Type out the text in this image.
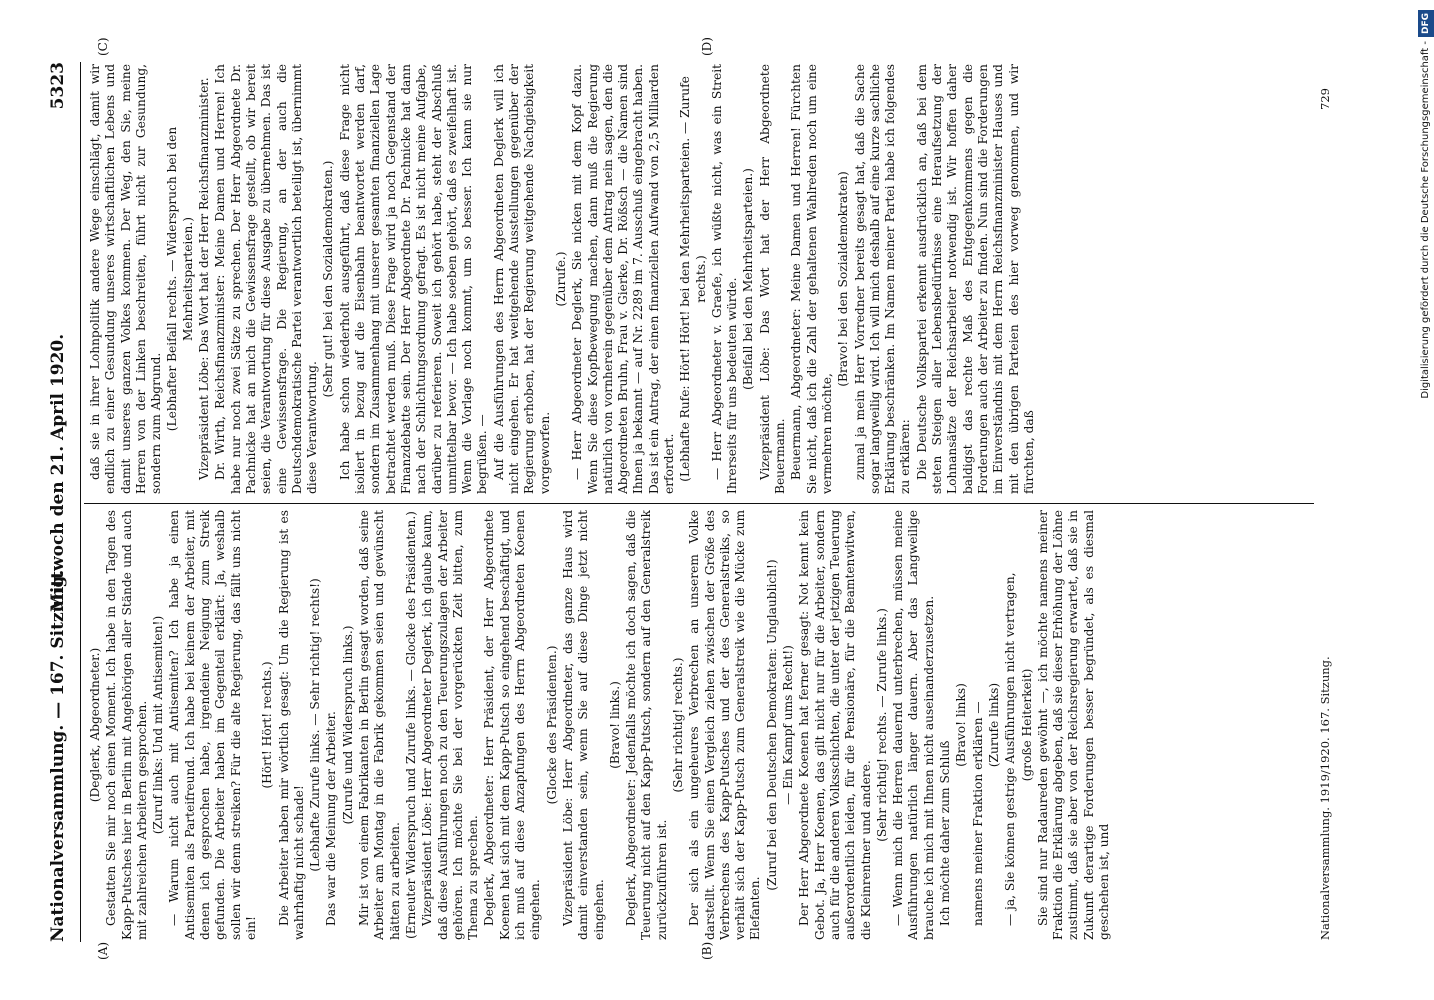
Nationalversammlung. — 167. Sitzung.
Mittwoch den 21. April 1920.
5323
(A)	(B)
(C)	(D)

(Deglerk, Abgeordneter.) Gestatten Sie mir noch einen Moment. Ich habe in den Tagen des Kapp-Putsches hier in Berlin mit Angehörigen aller Stände und auch mit zahlreichen Arbeitern gesprochen. (Zuruf links: Und mit Antisemiten!) — Warum nicht auch mit Antisemiten? Ich habe ja einen Antisemiten als Parteifreund. Ich habe bei keinem der Arbeiter, mit denen ich gesprochen habe, irgendeine Neigung zum Streik gefunden. Die Arbeiter haben im Gegenteil erklärt: Ja, weshalb sollen wir denn streiken? Für die alte Regierung, das fällt uns nicht ein!

(Hört! Hört! rechts.) Die Arbeiter haben mir wörtlich gesagt: Um die Regierung ist es wahrhaftig nicht schade! (Lebhafte Zurufe links. — Sehr richtig! rechts!) Das war die Meinung der Arbeiter. (Zurufe und Widerspruch links.) Mir ist von einem Fabrikanten in Berlin gesagt worden, daß seine Arbeiter am Montag in die Fabrik gekommen seien und gewünscht hätten zu arbeiten. (Erneuter Widerspruch und Zurufe links. — Glocke des Präsidenten.) Vizepräsident Löbe: Herr Abgeordneter Deglerk, ich glaube kaum, daß diese Ausführungen noch zu den Teuerungszulagen der Arbeiter gehören. Ich möchte Sie bei der vorgerückten Zeit bitten, zum Thema zu sprechen. Deglerk, Abgeordneter: Herr Präsident, der Herr Abgeordnete Koenen hat sich mit dem Kapp-Putsch so eingehend beschäftigt, und ich muß auf diese Anzapfungen des Herrn Abgeordneten Koenen eingehen.

(Glocke des Präsidenten.) Vizepräsident Löbe: Herr Abgeordneter, das ganze Haus wird damit einverstanden sein, wenn Sie auf diese Dinge jetzt nicht eingehen.

(Bravo! links.) Deglerk, Abgeordneter: Jedenfalls möchte ich doch sagen, daß die Teuerung nicht auf den Kapp-Putsch, sondern auf den Generalstreik zurückzuführen ist.

(Sehr richtig! rechts.) Der sich als ein ungeheures Verbrechen an unserem Volke darstellt. Wenn Sie einen Vergleich ziehen zwischen der Größe des Verbrechens des Kapp-Putsches und der des Generalstreiks, so verhält sich der Kapp-Putsch zum Generalstreik wie die Mücke zum Elefanten.

(Zuruf bei den Deutschen Demokraten: Unglaublich!) — Ein Kampf ums Recht!) Der Herr Abgeordnete Koenen hat ferner gesagt: Not kennt kein Gebot. Ja, Herr Koenen, das gilt nicht nur für die Arbeiter, sondern auch für die anderen Volksschichten, die unter der jetzigen Teuerung außerordentlich leiden, für die Pensionäre, für die Beamtenwitwen, die Kleinrentner und andere.

(Sehr richtig! rechts. — Zurufe links.) — Wenn mich die Herren dauernd unterbrechen, müssen meine Ausführungen natürlich länger dauern. Aber das Langweilige brauche ich mich mit Ihnen nicht auseinanderzusetzen. Ich möchte daher zum Schluß

(Bravo! links) namens meiner Fraktion erklären — (Zurufe links) — ja, Sie können gestrige Ausführungen nicht vertragen, (große Heiterkeit) Sie sind nur Radaureden gewöhnt —, ich möchte namens meiner Fraktion die Erklärung abgeben, daß sie dieser Erhöhung der Löhne zustimmt, daß sie aber von der Reichsregierung erwartet, daß sie in Zukunft derartige Forderungen besser begründet, als es diesmal geschehen ist, und

daß sie in ihrer Lohnpolitik andere Wege einschlägt, damit wir endlich zu einer Gesundung unseres wirtschaftlichen Lebens und damit unseres ganzen Volkes kommen. Der Weg, den Sie, meine Herren von der Linken beschreiten, führt nicht zur Gesundung, sondern zum Abgrund. (Lebhafter Beifall rechts. — Widerspruch bei den Mehrheitsparteien.) Vizepräsident Löbe: Das Wort hat der Herr Reichsfinanzminister. Dr. Wirth, Reichsfinanzminister: Meine Damen und Herren! Ich habe nur noch zwei Sätze zu sprechen. Der Herr Abgeordnete Dr. Pachnicke hat an mich die Gewissensfrage gestellt, ob wir bereit seien, die Verantwortung für diese Ausgabe zu übernehmen. Das ist eine Gewissensfrage. Die Regierung, an der auch die Deutschdemokratische Partei verantwortlich beteiligt ist, übernimmt diese Verantwortung.

(Sehr gut! bei den Sozialdemokraten.) Ich habe schon wiederholt ausgeführt, daß diese Frage nicht isoliert in bezug auf die Eisenbahn beantwortet werden darf, sondern im Zusammenhang mit unserer gesamten finanziellen Lage betrachtet werden muß. Diese Frage wird ja noch Gegenstand der Finanzdebatte sein. Der Herr Abgeordnete Dr. Pachnicke hat dann nach der Schlichtungsordnung gefragt. Es ist nicht meine Aufgabe, darüber zu referieren. Soweit ich gehört habe, steht der Abschluß unmittelbar bevor. — Ich habe soeben gehört, daß es zweifelhaft ist. Wenn die Vorlage noch kommt, um so besser. Ich kann sie nur begrüßen. — Auf die Ausführungen des Herrn Abgeordneten Deglerk will ich nicht eingehen. Er hat weitgehende Ausstellungen gegenüber der Regierung erhoben, hat der Regierung weitgehende Nachgiebigkeit vorgeworfen.

(Zurufe.) — Herr Abgeordneter Deglerk, Sie nicken mit dem Kopf dazu. Wenn Sie diese Kopfbewegung machen, dann muß die Regierung natürlich von vornherein gegenüber dem Antrag nein sagen, den die Abgeordneten Bruhn, Frau v. Gierke, Dr. Rößsch — die Namen sind Ihnen ja bekannt — auf Nr. 2289 im 7. Ausschuß eingebracht haben. Das ist ein Antrag, der einen finanziellen Aufwand von 2,5 Milliarden erfordert. (Lebhafte Rufe: Hört! Hört! bei den Mehrheitsparteien. — Zurufe rechts.) — Herr Abgeordneter v. Graefe, ich wüßte nicht, was ein Streit Ihrerseits für uns bedeuten würde. (Beifall bei den Mehrheitsparteien.) Vizepräsident Löbe: Das Wort hat der Herr Abgeordnete Beuermann. Beuermann, Abgeordneter: Meine Damen und Herren! Fürchten Sie nicht, daß ich die Zahl der gehaltenen Wahlreden noch um eine vermehren möchte,

(Bravo! bei den Sozialdemokraten) zumal ja mein Herr Vorredner bereits gesagt hat, daß die Sache sogar langweilig wird. Ich will mich deshalb auf eine kurze sachliche Erklärung beschränken. Im Namen meiner Partei habe ich folgendes zu erklären: Die Deutsche Volkspartei erkennt ausdrücklich an, daß bei dem steten Steigen aller Lebensbedürfnisse eine Heraufsetzung der Lohnansätze der Reichsarbeiter notwendig ist. Wir hoffen daher baldigst das rechte Maß des Entgegenkommens gegen die Forderungen auch der Arbeiter zu finden. Nun sind die Forderungen im Einverständnis mit dem Herrn Reichsfinanzminister Hauses und mit den übrigen Parteien des hier vorweg genommen, und wir fürchten, daß

Nationalversammlung. 1919/1920. 167. Sitzung.
729	Digitalisierung gefördert durch die Deutsche Forschungsgemeinschaft -DFG
